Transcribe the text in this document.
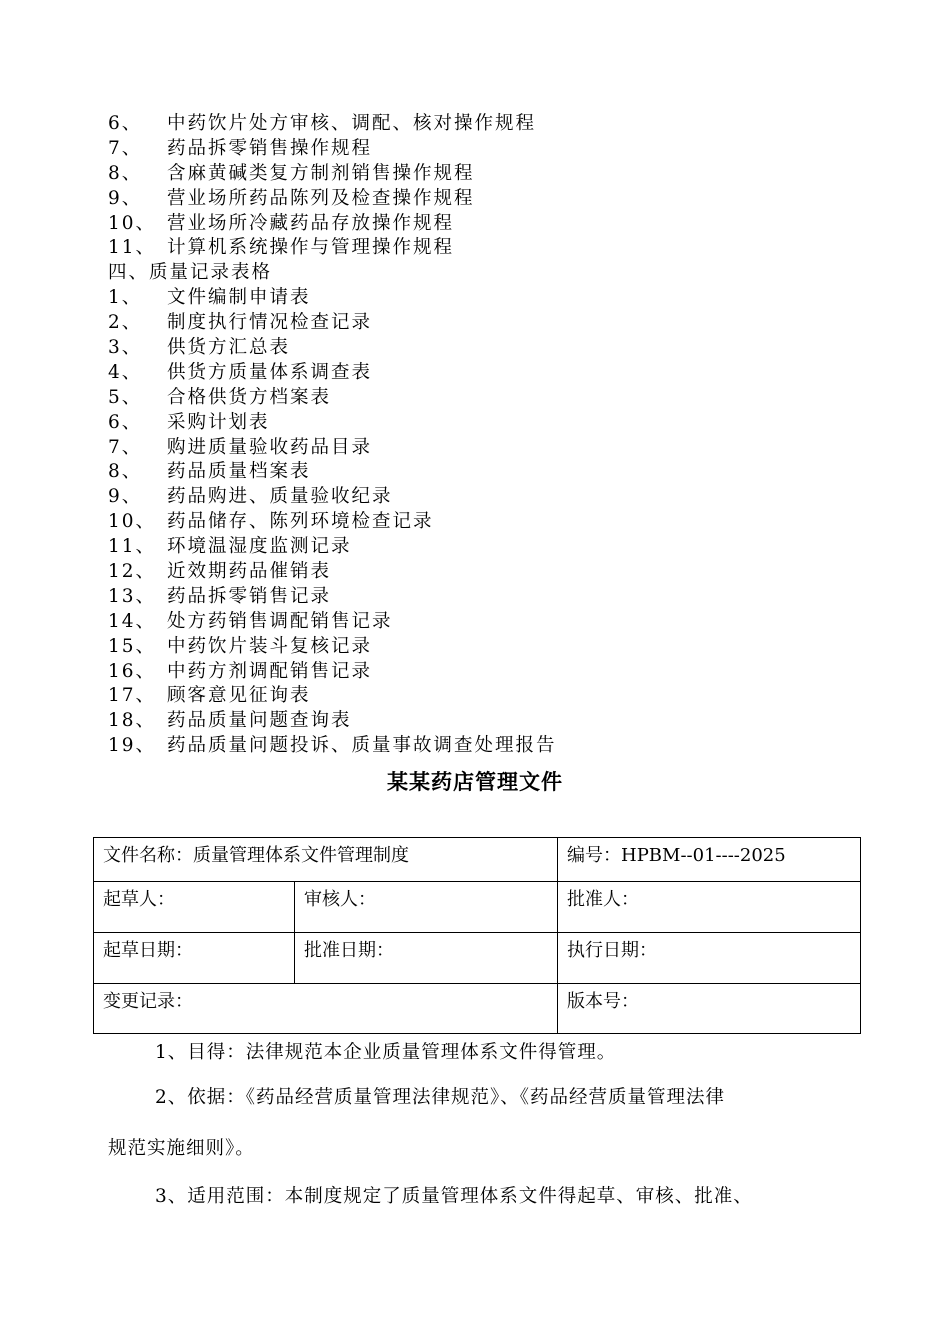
6、 中药饮片处方审核、调配、核对操作规程
7、 药品拆零销售操作规程
8、 含麻黄碱类复方制剂销售操作规程
9、 营业场所药品陈列及检查操作规程
10、 营业场所冷藏药品存放操作规程
11、 计算机系统操作与管理操作规程
四、质量记录表格
1、 文件编制申请表
2、 制度执行情况检查记录
3、 供货方汇总表
4、 供货方质量体系调查表
5、 合格供货方档案表
6、 采购计划表
7、 购进质量验收药品目录
8、 药品质量档案表
9、 药品购进、质量验收纪录
10、 药品储存、陈列环境检查记录
11、 环境温湿度监测记录
12、 近效期药品催销表
13、 药品拆零销售记录
14、 处方药销售调配销售记录
15、 中药饮片装斗复核记录
16、 中药方剂调配销售记录
17、 顾客意见征询表
18、 药品质量问题查询表
19、 药品质量问题投诉、质量事故调查处理报告
某某药店管理文件
文件名称：质量管理体系文件管理制度		编号：HPBM--01----2025
起草人：	审核人：	批准人：
起草日期：	批准日期：	执行日期：
变更记录：		版本号：
1、目得：法律规范本企业质量管理体系文件得管理。
2、依据：《药品经营质量管理法律规范》、《药品经营质量管理法律
规范实施细则》。
3、适用范围：本制度规定了质量管理体系文件得起草、审核、批准、
